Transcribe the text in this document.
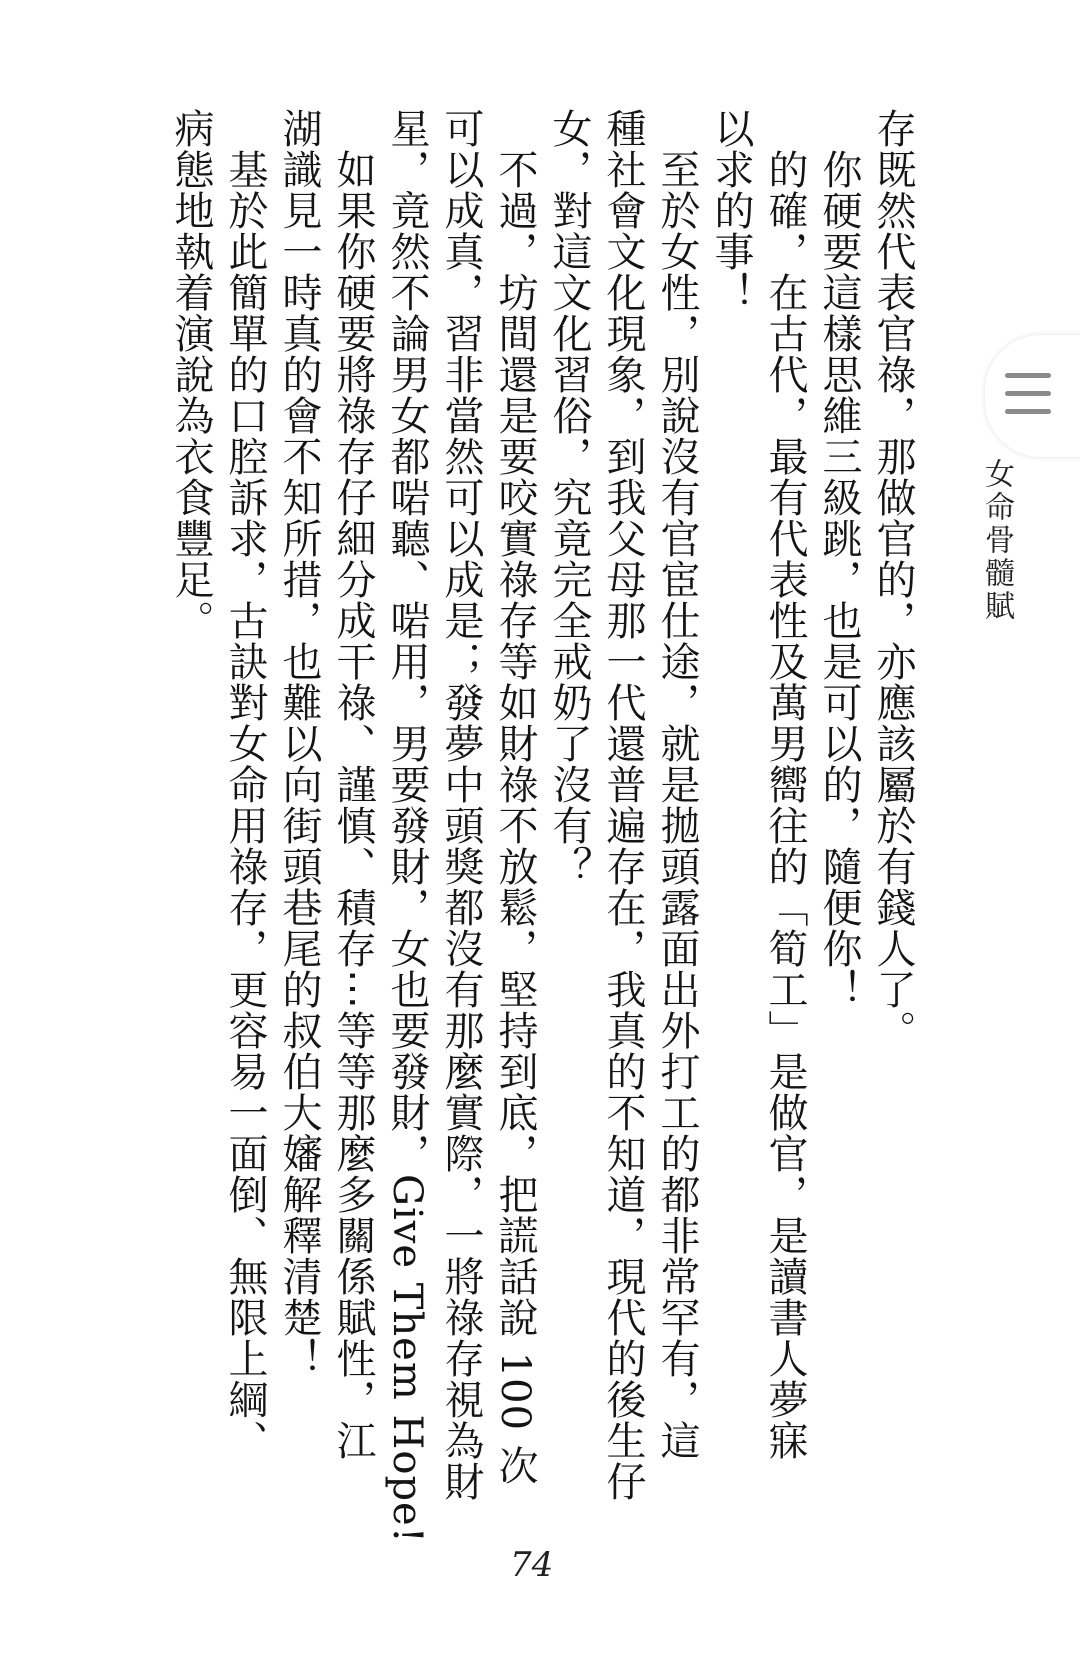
存既然代表官祿，那做官的，亦應該屬於有錢人了。

　你硬要這樣思維三級跳，也是可以的，隨便你！

　的確，在古代，最有代表性及萬男嚮往的「筍工」是做官，是讀書人夢寐

以求的事！

　至於女性，別說沒有官宦仕途，就是拋頭露面出外打工的都非常罕有，這

種社會文化現象，到我父母那一代還普遍存在，我真的不知道，現代的後生仔

女，對這文化習俗，究竟完全戒奶了沒有？

　不過，坊間還是要咬實祿存等如財祿不放鬆，堅持到底，把謊話說 100 次

可以成真，習非當然可以成是；發夢中頭獎都沒有那麼實際，一將祿存視為財

星，竟然不論男女都啱聽、啱用，男要發財，女也要發財，Give Them Hope!

　如果你硬要將祿存仔細分成干祿、謹慎、積存⋯等等那麼多關係賦性，江

湖識見一時真的會不知所措，也難以向街頭巷尾的叔伯大嬸解釋清楚！

　基於此簡單的口腔訴求，古訣對女命用祿存，更容易一面倒、無限上綱、

病態地執着演說為衣食豐足。	女命骨髓賦
74
